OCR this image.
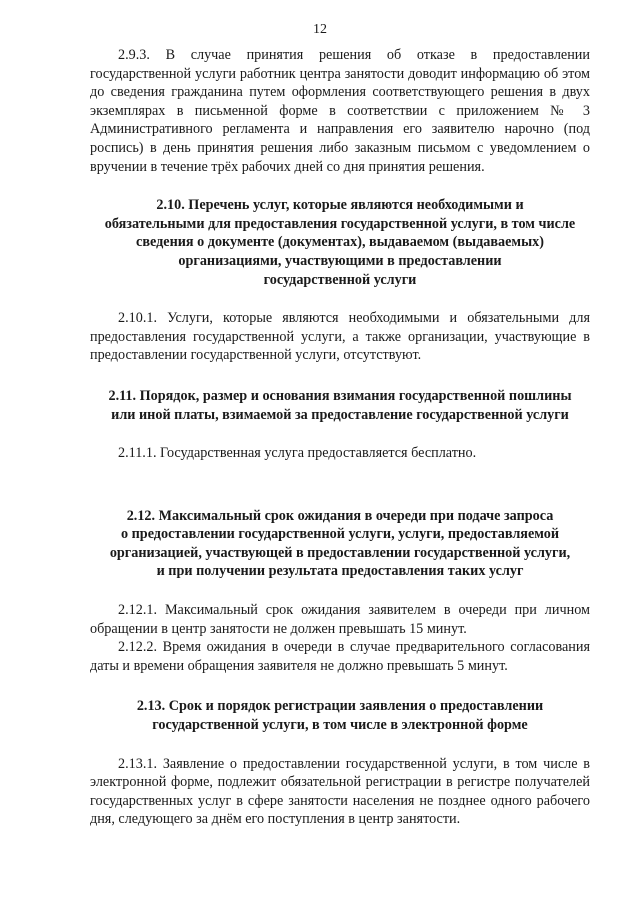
12

2.9.3. В случае принятия решения об отказе в предоставлении государственной услуги работник центра занятости доводит информацию об этом до сведения гражданина путем оформления соответствующего решения в двух экземплярах в письменной форме в соответствии с приложением № 3 Административного регламента и направления его заявителю нарочно (под роспись) в день принятия решения либо заказным письмом с уведомлением о вручении в течение трёх рабочих дней со дня принятия решения.

2.10. Перечень услуг, которые являются необходимыми и
обязательными для предоставления государственной услуги, в том числе
сведения о документе (документах), выдаваемом (выдаваемых)
организациями, участвующими в предоставлении
государственной услуги

2.10.1. Услуги, которые являются необходимыми и обязательными для предоставления государственной услуги, а также организации, участвующие в предоставлении государственной услуги, отсутствуют.

2.11. Порядок, размер и основания взимания государственной пошлины
или иной платы, взимаемой за предоставление государственной услуги

2.11.1. Государственная услуга предоставляется бесплатно.

2.12. Максимальный срок ожидания в очереди при подаче запроса
о предоставлении государственной услуги, услуги, предоставляемой
организацией, участвующей в предоставлении государственной услуги,
и при получении результата предоставления таких услуг

2.12.1. Максимальный срок ожидания заявителем в очереди при личном обращении в центр занятости не должен превышать 15 минут.

2.12.2. Время ожидания в очереди в случае предварительного согласования даты и времени обращения заявителя не должно превышать 5 минут.

2.13. Срок и порядок регистрации заявления о предоставлении
государственной услуги, в том числе в электронной форме

2.13.1. Заявление о предоставлении государственной услуги, в том числе в электронной форме, подлежит обязательной регистрации в регистре получателей государственных услуг в сфере занятости населения не позднее одного рабочего дня, следующего за днём его поступления в центр занятости.
